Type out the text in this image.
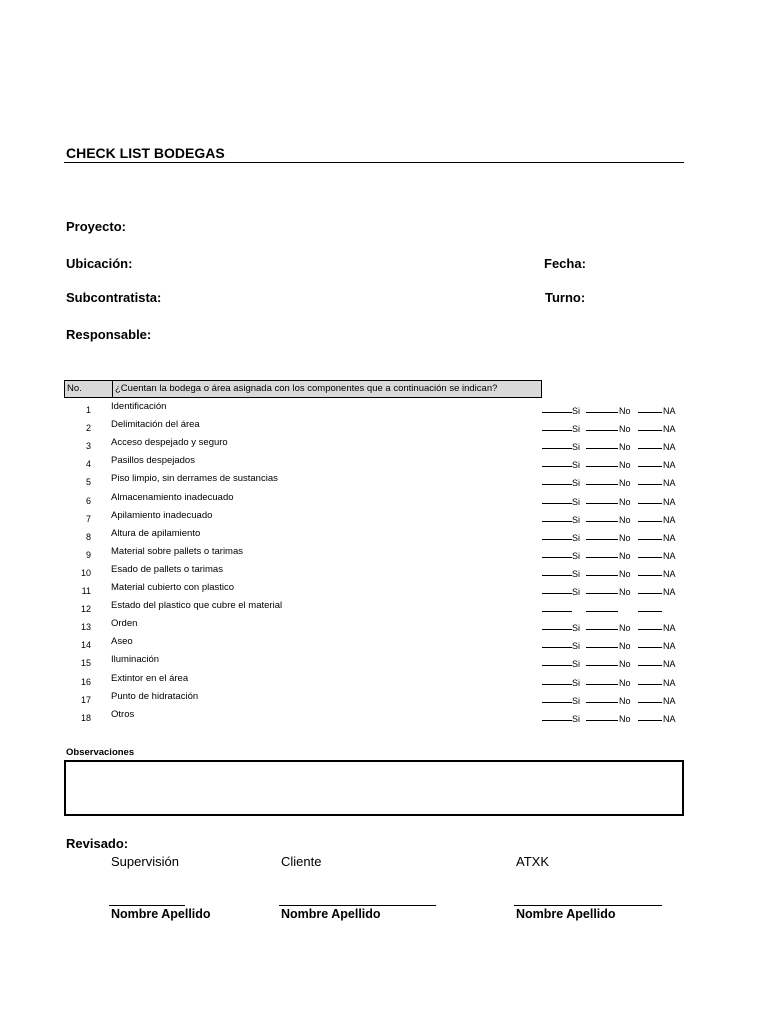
CHECK LIST BODEGAS
Proyecto:
Ubicación:	Fecha:
Subcontratista:	Turno:
Responsable:
No.	¿Cuentan la bodega o área asignada con los componentes que a continuación se indican?
1 Identificación	Si	No	NA
2 Delimitación del área	Si	No	NA
3 Acceso despejado y seguro	Si	No	NA
4 Pasillos despejados	Si	No	NA
5 Piso limpio, sin derrames de sustancias	Si	No	NA
6 Almacenamiento inadecuado	Si	No	NA
7 Apilamiento inadecuado	Si	No	NA
8 Altura de apilamiento	Si	No	NA
9 Material sobre pallets o tarimas	Si	No	NA
10 Esado de pallets o tarimas	Si	No	NA
11 Material cubierto con plastico	Si	No	NA
12 Estado del plastico que cubre el material
13 Orden	Si	No	NA
14 Aseo	Si	No	NA
15 Iluminación	Si	No	NA
16 Extintor en el área	Si	No	NA
17 Punto de hidratación	Si	No	NA
18 Otros	Si	No	NA
Observaciones
Revisado:
Supervisión	Cliente	ATXK
Nombre Apellido	Nombre Apellido	Nombre Apellido
